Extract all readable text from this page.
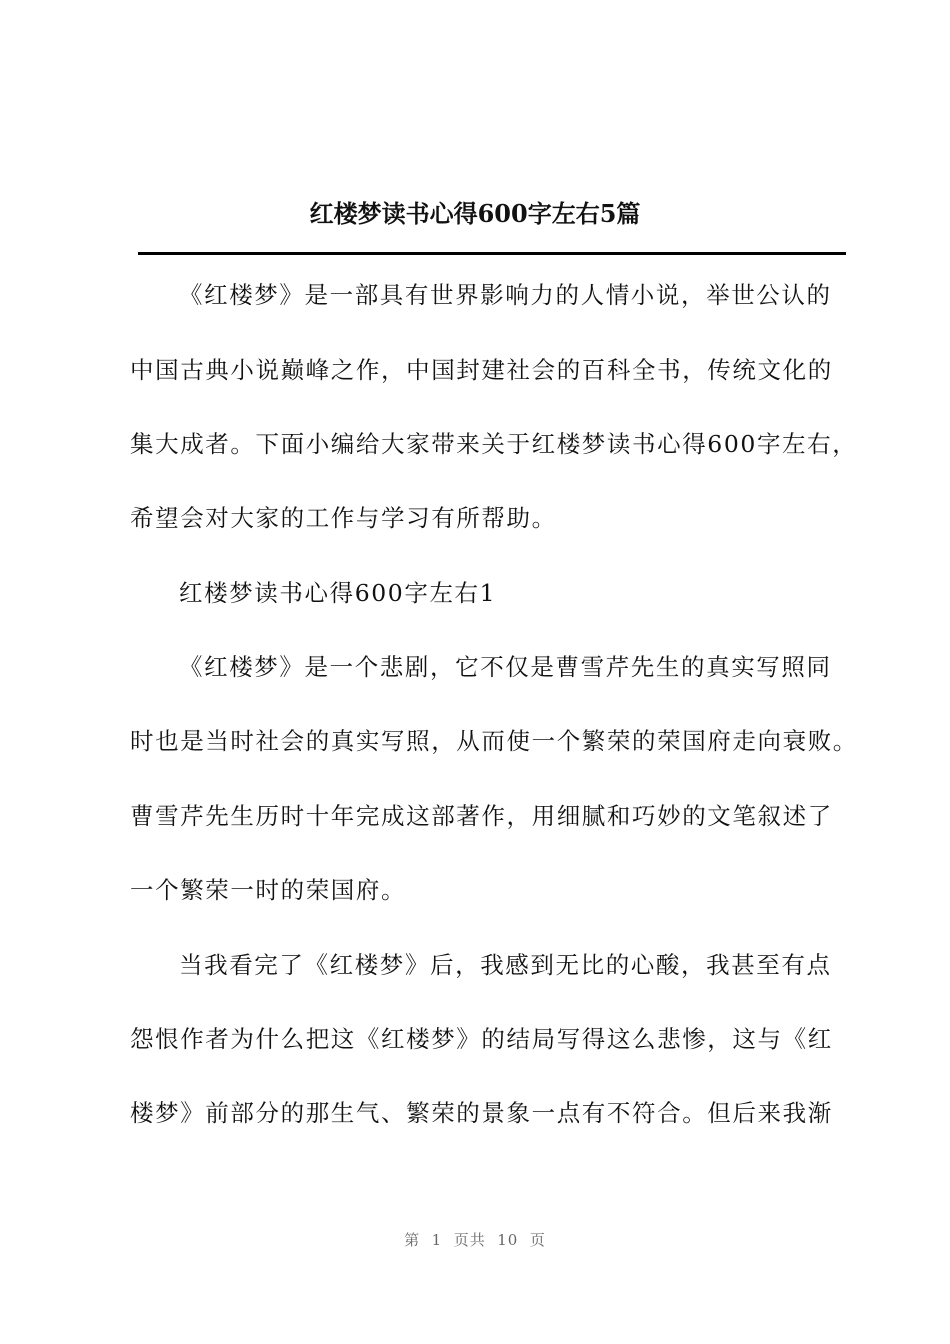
红楼梦读书心得600字左右5篇
《红楼梦》是一部具有世界影响力的人情小说，举世公认的
中国古典小说巅峰之作，中国封建社会的百科全书，传统文化的
集大成者。下面小编给大家带来关于红楼梦读书心得600字左右，
希望会对大家的工作与学习有所帮助。
红楼梦读书心得600字左右1
《红楼梦》是一个悲剧，它不仅是曹雪芹先生的真实写照同
时也是当时社会的真实写照，从而使一个繁荣的荣国府走向衰败。
曹雪芹先生历时十年完成这部著作，用细腻和巧妙的文笔叙述了
一个繁荣一时的荣国府。
当我看完了《红楼梦》后，我感到无比的心酸，我甚至有点
怨恨作者为什么把这《红楼梦》的结局写得这么悲惨，这与《红
楼梦》前部分的那生气、繁荣的景象一点有不符合。但后来我渐
第  1  页共  10  页
